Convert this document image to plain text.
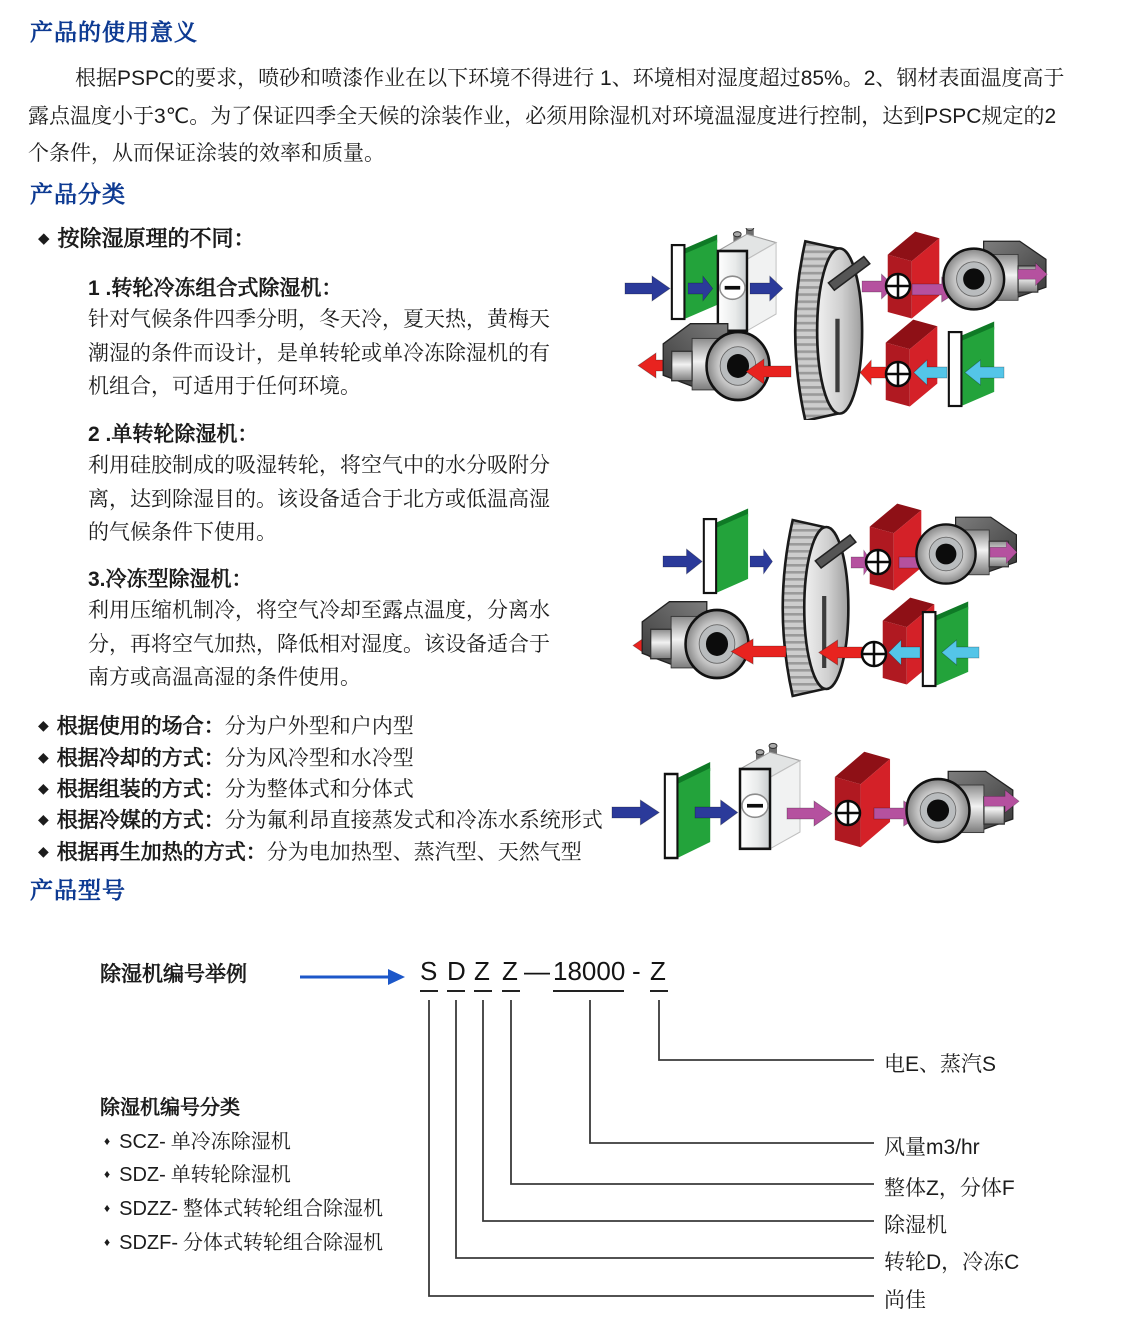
产品的使用意义
根据PSPC的要求，喷砂和喷漆作业在以下环境不得进行 1、环境相对湿度超过85%。2、钢材表面温度高于露点温度小于3℃。为了保证四季全天候的涂装作业，必须用除湿机对环境温湿度进行控制，达到PSPC规定的2个条件，从而保证涂装的效率和质量。
产品分类
◆ 按除湿原理的不同：
1 .转轮冷冻组合式除湿机：
针对气候条件四季分明，冬天冷，夏天热，黄梅天潮湿的条件而设计，是单转轮或单冷冻除湿机的有机组合，可适用于任何环境。
2 .单转轮除湿机：
利用硅胶制成的吸湿转轮，将空气中的水分吸附分离，达到除湿目的。该设备适合于北方或低温高湿的气候条件下使用。
3.冷冻型除湿机：
利用压缩机制冷，将空气冷却至露点温度，分离水分，再将空气加热，降低相对湿度。该设备适合于南方或高温高湿的条件使用。
◆ 根据使用的场合：分为户外型和户内型
◆ 根据冷却的方式：分为风冷型和水冷型
◆ 根据组装的方式：分为整体式和分体式
◆ 根据冷媒的方式：分为氟利昂直接蒸发式和冷冻水系统形式
◆ 根据再生加热的方式：分为电加热型、蒸汽型、天然气型
产品型号
除湿机编号举例	S D Z Z — 18000 - Z
电E、蒸汽S
风量m3/hr
整体Z，分体F
除湿机
转轮D，冷冻C
尚佳
除湿机编号分类
♦ SCZ- 单冷冻除湿机
♦ SDZ- 单转轮除湿机
♦ SDZZ- 整体式转轮组合除湿机
♦ SDZF- 分体式转轮组合除湿机
